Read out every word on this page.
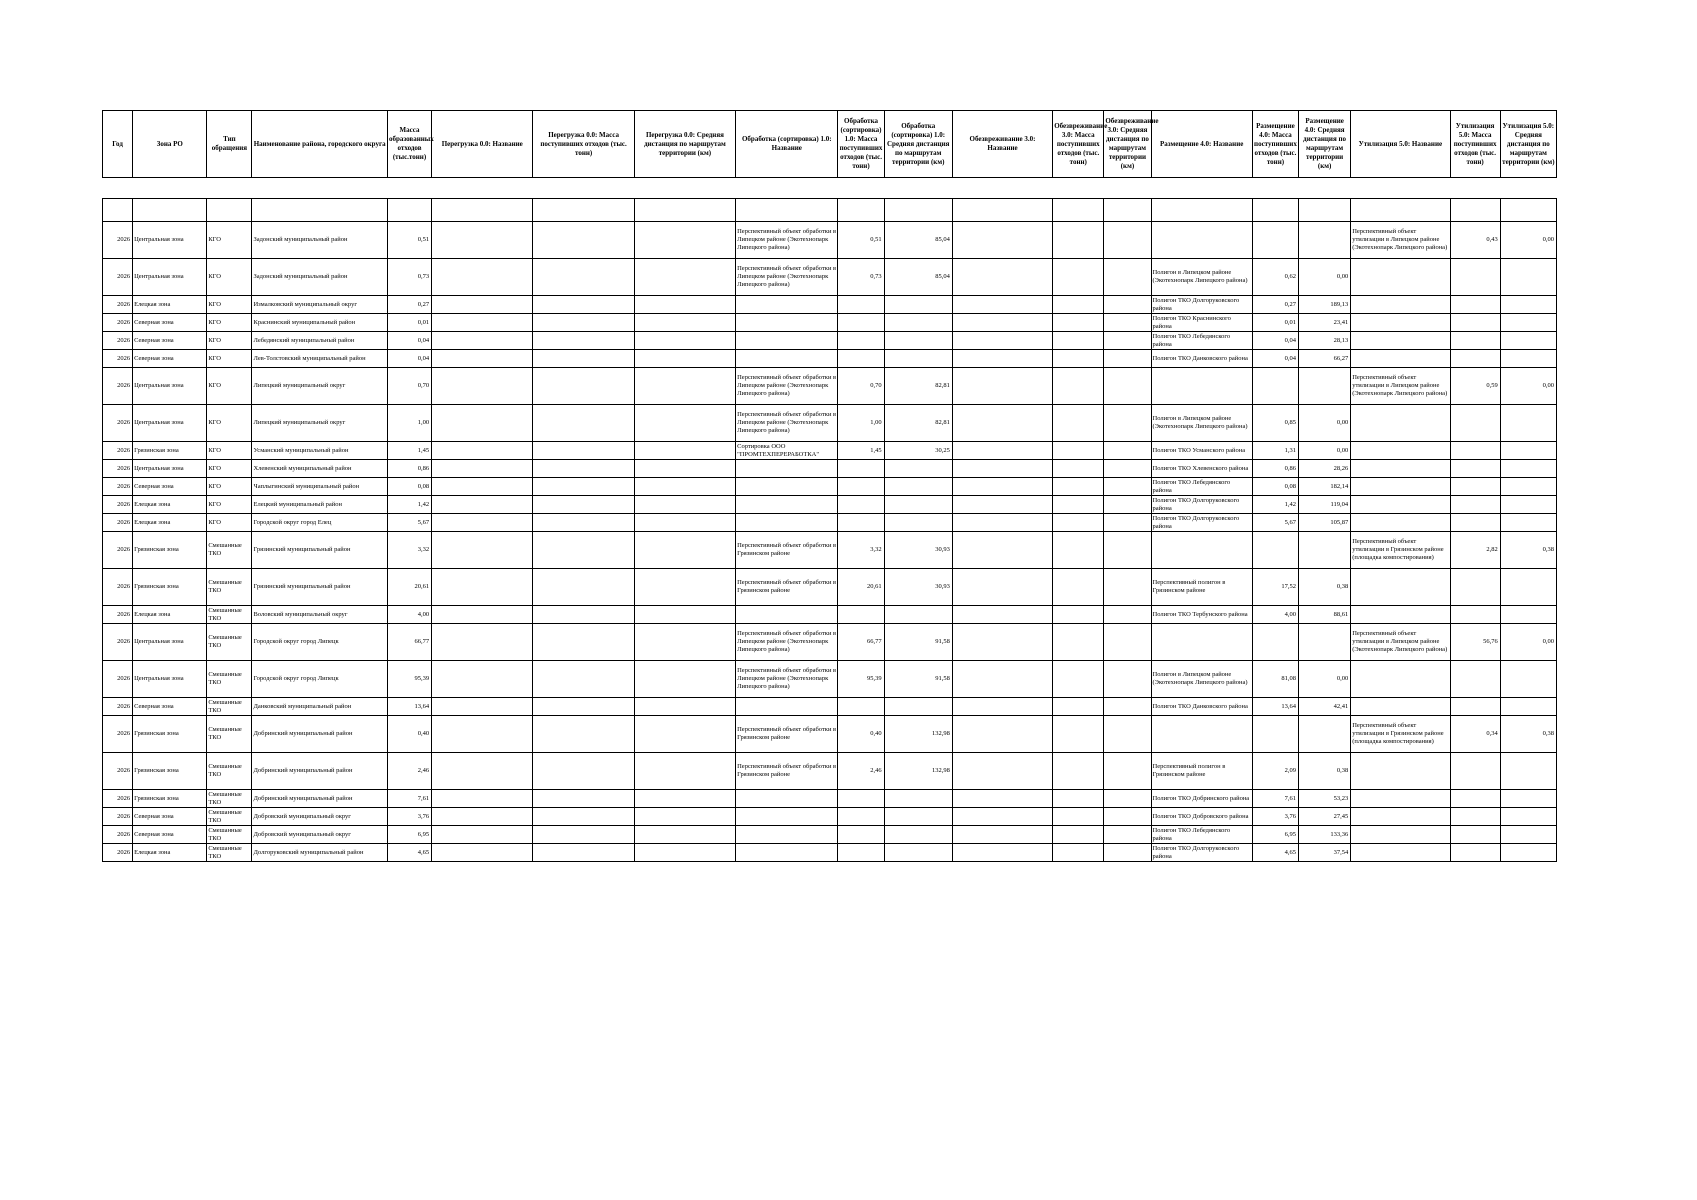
Год	Зона РО	Тип обращения	Наименование района, городского округа	Масса образованных отходов (тыс.тонн)	Перегрузка 0.0: Название	Перегрузка 0.0: Масса поступивших отходов (тыс. тонн)	Перегрузка 0.0: Средняя дистанция по маршрутам территории (км)	Обработка (сортировка) 1.0: Название	Обработка (сортировка) 1.0: Масса поступивших отходов (тыс. тонн)	Обработка (сортировка) 1.0: Средняя дистанция по маршрутам территории (км)	Обезвреживание 3.0: Название	Обезвреживание 3.0: Масса поступивших отходов (тыс. тонн)	Обезвреживание 3.0: Средняя дистанция по маршрутам территории (км)	Размещение 4.0: Название	Размещение 4.0: Масса поступивших отходов (тыс. тонн)	Размещение 4.0: Средняя дистанция по маршрутам территории (км)	Утилизация 5.0: Название	Утилизация 5.0: Масса поступивших отходов (тыс. тонн)	Утилизация 5.0: Средняя дистанция по маршрутам территории (км)

2026	Центральная зона	КГО	Задонский муниципальный район	0,51				Перспективный объект обработки в Липецком районе (Экотехнопарк Липецкого района)	0,51	85,04							Перспективный объект утилизации в Липецком районе (Экотехнопарк Липецкого района)	0,43	0,00
2026	Центральная зона	КГО	Задонский муниципальный район	0,73				Перспективный объект обработки в Липецком районе (Экотехнопарк Липецкого района)	0,73	85,04				Полигон в Липецком районе (Экотехнопарк Липецкого района)	0,62	0,00			
2026	Елецкая зона	КГО	Измалковский муниципальный округ	0,27										Полигон ТКО Долгоруковского района	0,27	189,13			
2026	Северная зона	КГО	Краснинский муниципальный район	0,01										Полигон ТКО Краснинского района	0,01	23,41			
2026	Северная зона	КГО	Лебедянский муниципальный район	0,04										Полигон ТКО Лебедянского района	0,04	28,13			
2026	Северная зона	КГО	Лев-Толстовский муниципальный район	0,04										Полигон ТКО Данковского района	0,04	66,27			
2026	Центральная зона	КГО	Липецкий муниципальный округ	0,70				Перспективный объект обработки в Липецком районе (Экотехнопарк Липецкого района)	0,70	82,81							Перспективный объект утилизации в Липецком районе (Экотехнопарк Липецкого района)	0,59	0,00
2026	Центральная зона	КГО	Липецкий муниципальный округ	1,00				Перспективный объект обработки в Липецком районе (Экотехнопарк Липецкого района)	1,00	82,81				Полигон в Липецком районе (Экотехнопарк Липецкого района)	0,85	0,00			
2026	Грязинская зона	КГО	Усманский муниципальный район	1,45				Сортировка ООО "ПРОМТЕХПЕРЕРАБОТКА"	1,45	30,25				Полигон ТКО Усманского района	1,31	0,00			
2026	Центральная зона	КГО	Хлевенский муниципальный район	0,86										Полигон ТКО Хлевенского района	0,86	28,26			
2026	Северная зона	КГО	Чаплыгинский муниципальный район	0,08										Полигон ТКО Лебедянского района	0,08	182,14			
2026	Елецкая зона	КГО	Елецкий муниципальный район	1,42										Полигон ТКО Долгоруковского района	1,42	119,04			
2026	Елецкая зона	КГО	Городской округ город Елец	5,67										Полигон ТКО Долгоруковского района	5,67	105,87			
2026	Грязинская зона	Смешанные ТКО	Грязинский муниципальный район	3,32				Перспективный объект обработки в Грязинском районе	3,32	30,93							Перспективный объект утилизации в Грязинском районе (площадка компостирования)	2,82	0,38
2026	Грязинская зона	Смешанные ТКО	Грязинский муниципальный район	20,61				Перспективный объект обработки в Грязинском районе	20,61	30,93				Перспективный полигон в Грязинском районе	17,52	0,38			
2026	Елецкая зона	Смешанные ТКО	Воловский муниципальный округ	4,00										Полигон ТКО Тербунского района	4,00	88,61			
2026	Центральная зона	Смешанные ТКО	Городской округ город Липецк	66,77				Перспективный объект обработки в Липецком районе (Экотехнопарк Липецкого района)	66,77	91,58							Перспективный объект утилизации в Липецком районе (Экотехнопарк Липецкого района)	56,76	0,00
2026	Центральная зона	Смешанные ТКО	Городской округ город Липецк	95,39				Перспективный объект обработки в Липецком районе (Экотехнопарк Липецкого района)	95,39	91,58				Полигон в Липецком районе (Экотехнопарк Липецкого района)	81,08	0,00			
2026	Северная зона	Смешанные ТКО	Данковский муниципальный район	13,64										Полигон ТКО Данковского района	13,64	42,41			
2026	Грязинская зона	Смешанные ТКО	Добринский муниципальный район	0,40				Перспективный объект обработки в Грязинском районе	0,40	132,98							Перспективный объект утилизации в Грязинском районе (площадка компостирования)	0,34	0,38
2026	Грязинская зона	Смешанные ТКО	Добринский муниципальный район	2,46				Перспективный объект обработки в Грязинском районе	2,46	132,98				Перспективный полигон в Грязинском районе	2,09	0,38			
2026	Грязинская зона	Смешанные ТКО	Добринский муниципальный район	7,61										Полигон ТКО Добринского района	7,61	53,23			
2026	Северная зона	Смешанные ТКО	Добровский муниципальный округ	3,76										Полигон ТКО Добровского района	3,76	27,45			
2026	Северная зона	Смешанные ТКО	Добровский муниципальный округ	6,95										Полигон ТКО Лебедянского района	6,95	133,36			
2026	Елецкая зона	Смешанные ТКО	Долгоруковский муниципальный район	4,65										Полигон ТКО Долгоруковского района	4,65	37,54			
